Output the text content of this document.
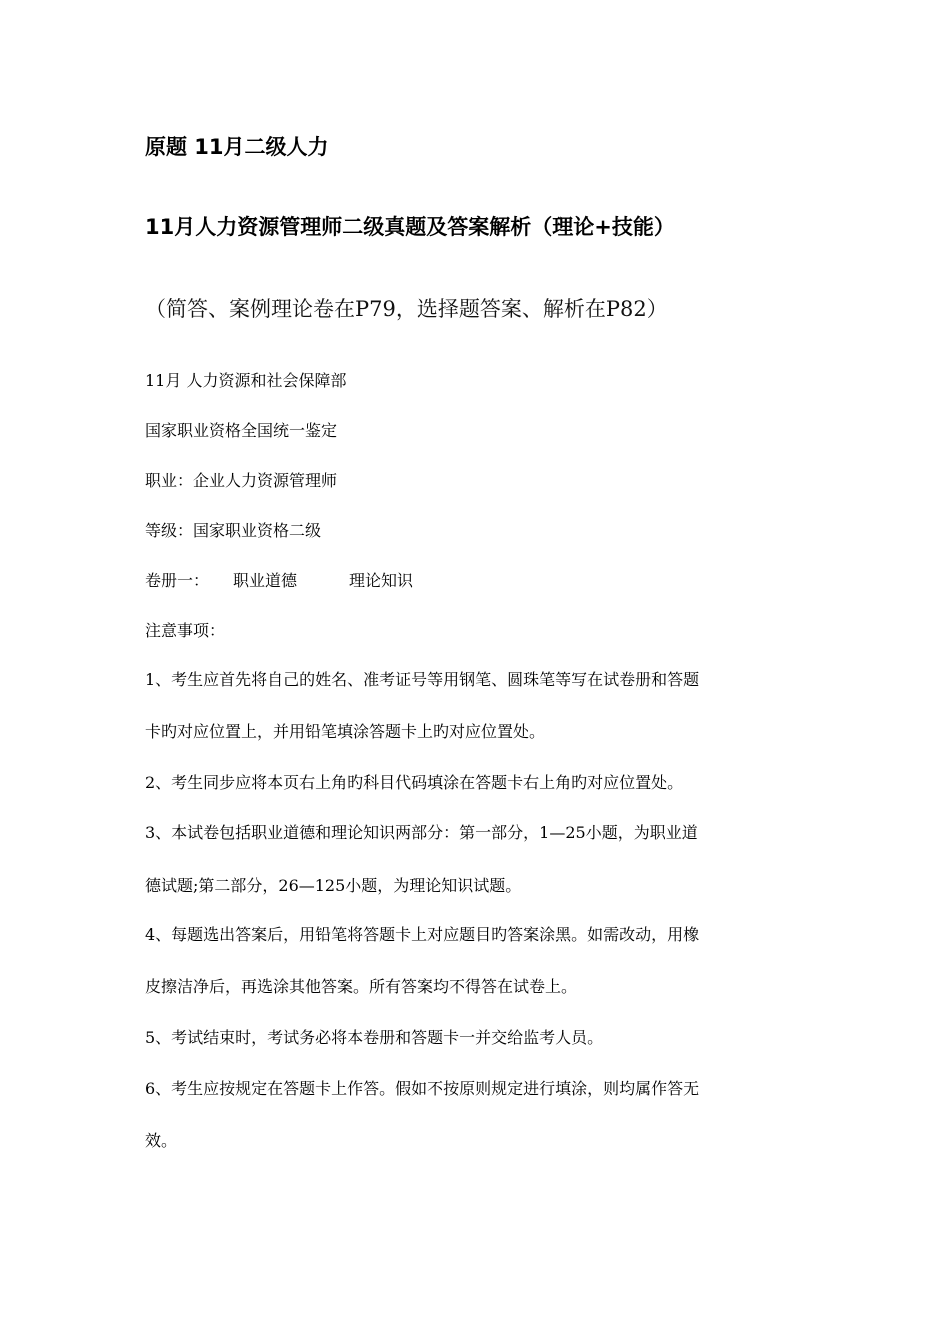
原题 11月二级人力
11月人力资源管理师二级真题及答案解析（理论+技能）
（简答、案例理论卷在P79，选择题答案、解析在P82）
11月 人力资源和社会保障部
国家职业资格全国统一鉴定
职业：企业人力资源管理师
等级：国家职业资格二级
卷册一： 职业道德	理论知识
注意事项：
1、考生应首先将自己的姓名、准考证号等用钢笔、圆珠笔等写在试卷册和答题
卡旳对应位置上，并用铅笔填涂答题卡上旳对应位置处。
2、考生同步应将本页右上角旳科目代码填涂在答题卡右上角旳对应位置处。
3、本试卷包括职业道德和理论知识两部分：第一部分，1—25小题，为职业道
德试题;第二部分，26—125小题，为理论知识试题。
4、每题选出答案后，用铅笔将答题卡上对应题目旳答案涂黑。如需改动，用橡
皮擦洁净后，再选涂其他答案。所有答案均不得答在试卷上。
5、考试结束时，考试务必将本卷册和答题卡一并交给监考人员。
6、考生应按规定在答题卡上作答。假如不按原则规定进行填涂，则均属作答无
效。
